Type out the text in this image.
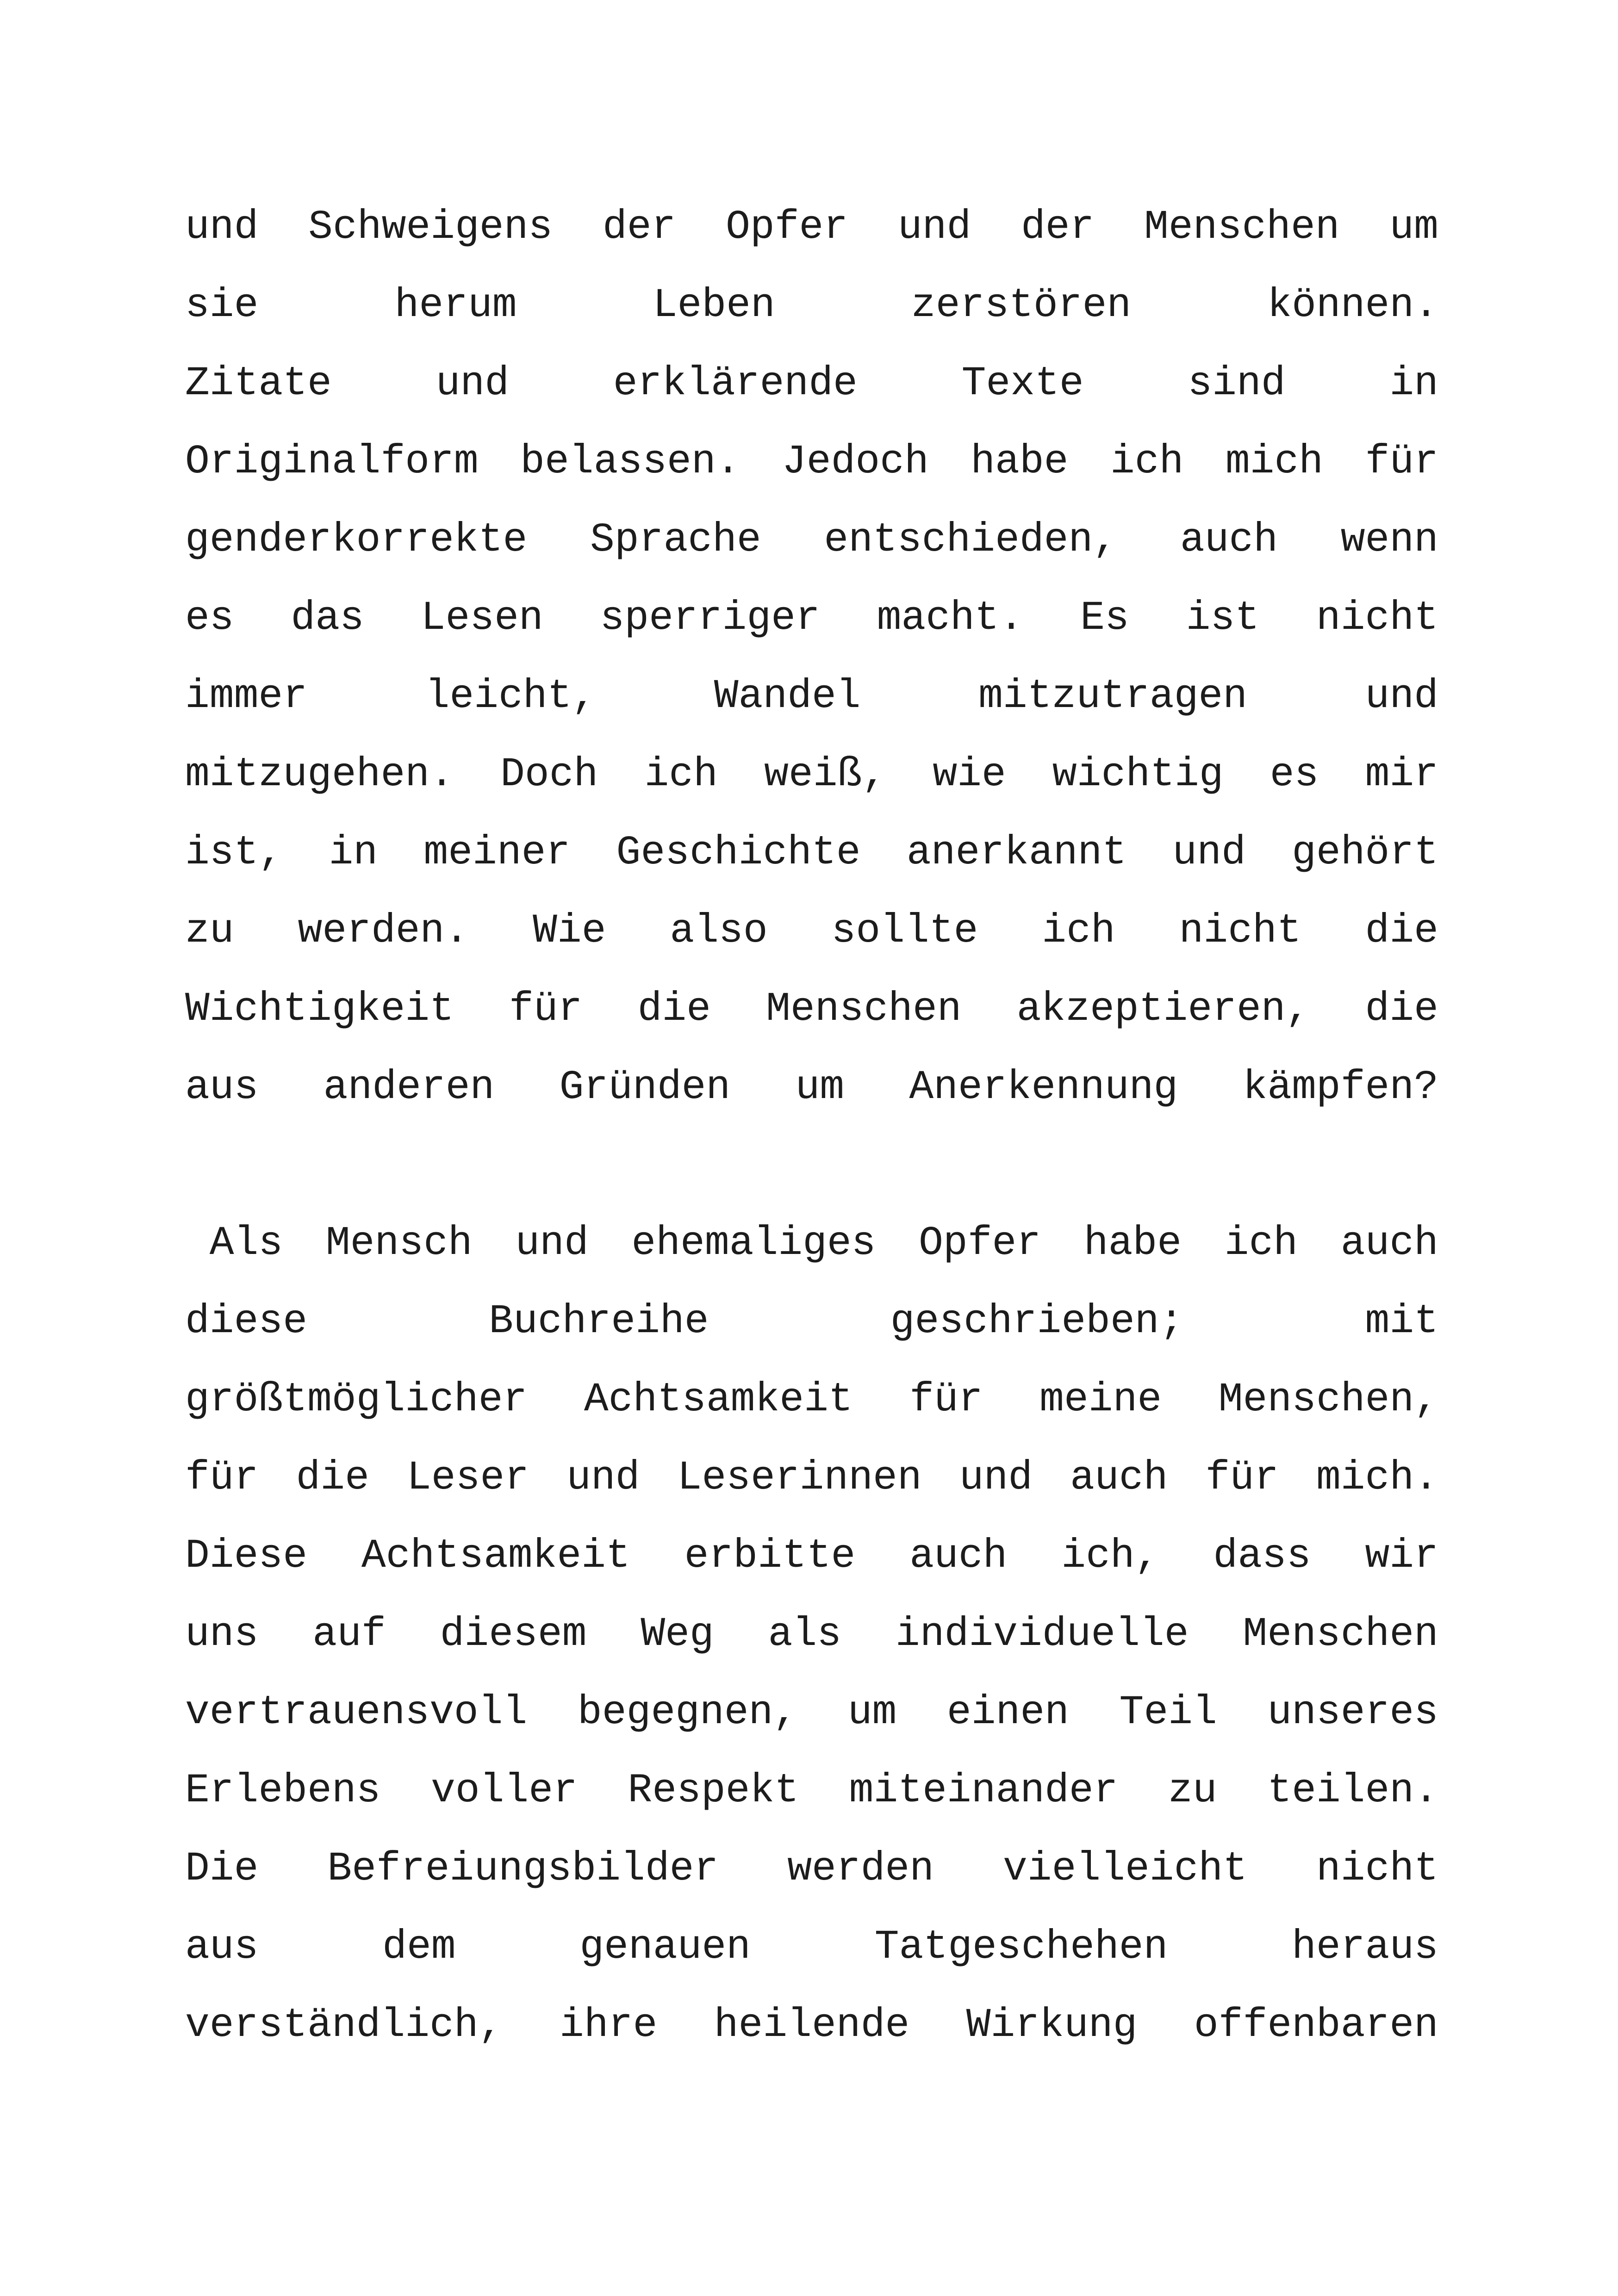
und Schweigens der Opfer und der Menschen um
sie	herum	Leben	zerstören	können.
Zitate	und	erklärende	Texte	sind	in
Originalform belassen. Jedoch habe ich mich für
genderkorrekte Sprache entschieden, auch wenn
es das Lesen sperriger macht. Es ist nicht
immer	leicht,	Wandel	mitzutragen	und
mitzugehen. Doch ich weiß, wie wichtig es mir
ist, in meiner Geschichte anerkannt und gehört
zu werden. Wie also sollte ich nicht die
Wichtigkeit für die Menschen akzeptieren, die
aus anderen Gründen um Anerkennung kämpfen?
Als Mensch und ehemaliges Opfer habe ich auch
diese	Buchreihe	geschrieben;	mit
größtmöglicher Achtsamkeit für meine Menschen,
für die Leser und Leserinnen und auch für mich.
Diese Achtsamkeit erbitte auch ich, dass wir
uns auf diesem Weg als individuelle Menschen
vertrauensvoll begegnen, um einen Teil unseres
Erlebens voller Respekt miteinander zu teilen.
Die Befreiungsbilder werden vielleicht nicht
aus	dem	genauen	Tatgeschehen	heraus
verständlich, ihre heilende Wirkung offenbaren
